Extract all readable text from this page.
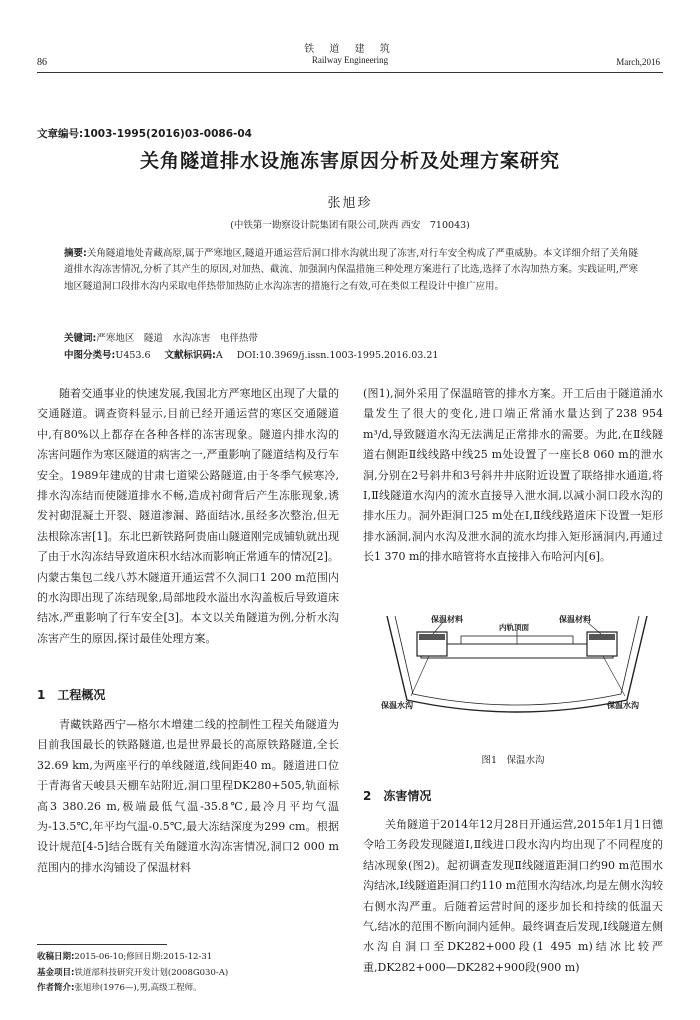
铁 道 建 筑
Railway Engineering
86	March,2016
文章编号:1003-1995(2016)03-0086-04
关角隧道排水设施冻害原因分析及处理方案研究
张旭珍
(中铁第一勘察设计院集团有限公司,陕西 西安　710043)
摘要:关角隧道地处青藏高原,属于严寒地区,隧道开通运营后洞口排水沟就出现了冻害,对行车安全构成了严重威胁。本文详细介绍了关角隧道排水沟冻害情况,分析了其产生的原因,对加热、截流、加强洞内保温措施三种处理方案进行了比选,选择了水沟加热方案。实践证明,严寒地区隧道洞口段排水沟内采取电伴热带加热防止水沟冻害的措施行之有效,可在类似工程设计中推广应用。
关键词:严寒地区　隧道　水沟冻害　电伴热带
中图分类号:U453.6 文献标识码:A DOI:10.3969/j.issn.1003-1995.2016.03.21

随着交通事业的快速发展,我国北方严寒地区出现了大量的交通隧道。调查资料显示,目前已经开通运营的寒区交通隧道中,有80%以上都存在各种各样的冻害现象。隧道内排水沟的冻害问题作为寒区隧道的病害之一,严重影响了隧道结构及行车安全。1989年建成的甘肃七道梁公路隧道,由于冬季气候寒冷,排水沟冻结而使隧道排水不畅,造成衬砌背后产生冻胀现象,诱发衬砌混凝土开裂、隧道渗漏、路面结冰,虽经多次整治,但无法根除冻害[1]。东北巴新铁路阿贵庙山隧道刚完成铺轨就出现了由于水沟冻结导致道床积水结冰而影响正常通车的情况[2]。内蒙古集包二线八苏木隧道开通运营不久洞口1 200 m范围内的水沟即出现了冻结现象,局部地段水溢出水沟盖板后导致道床结冰,严重影响了行车安全[3]。本文以关角隧道为例,分析水沟冻害产生的原因,探讨最佳处理方案。

1　工程概况

青藏铁路西宁—格尔木增建二线的控制性工程关角隧道为目前我国最长的铁路隧道,也是世界最长的高原铁路隧道,全长32.69 km,为两座平行的单线隧道,线间距40 m。隧道进口位于青海省天峻县天棚车站附近,洞口里程DK280+505,轨面标高3 380.26 m,极端最低气温-35.8℃,最冷月平均气温为-13.5℃,年平均气温-0.5℃,最大冻结深度为299 cm。根据设计规范[4-5]结合既有关角隧道水沟冻害情况,洞口2 000 m范围内的排水沟铺设了保温材料

(图1),洞外采用了保温暗管的排水方案。开工后由于隧道涌水量发生了很大的变化,进口端正常涌水量达到了238 954 m³/d,导致隧道水沟无法满足正常排水的需要。为此,在Ⅱ线隧道右侧距Ⅱ线线路中线25 m处设置了一座长8 060 m的泄水洞,分别在2号斜井和3号斜井井底附近设置了联络排水通道,将Ⅰ,Ⅱ线隧道水沟内的流水直接导入泄水洞,以减小洞口段水沟的排水压力。洞外距洞口25 m处在Ⅰ,Ⅱ线线路道床下设置一矩形排水涵洞,洞内水沟及泄水洞的流水均排入矩形涵洞内,再通过长1 370 m的排水暗管将水直接排入布哈河内[6]。

保温材料	保温材料
内轨顶面
保温水沟	保温水沟
图1　保温水沟
2　冻害情况

关角隧道于2014年12月28日开通运营,2015年1月1日德令哈工务段发现隧道Ⅰ,Ⅱ线进口段水沟内均出现了不同程度的结冰现象(图2)。起初调查发现Ⅱ线隧道距洞口约90 m范围水沟结冰,Ⅰ线隧道距洞口约110 m范围水沟结冰,均是左侧水沟较右侧水沟严重。后随着运营时间的逐步加长和持续的低温天气,结冰的范围不断向洞内延伸。最终调查后发现,Ⅰ线隧道左侧水沟自洞口至DK282+000段(1 495 m)结冰比较严重,DK282+000—DK282+900段(900 m)

收稿日期:2015-06-10;修回日期:2015-12-31
基金项目:铁道部科技研究开发计划(2008G030-A)
作者简介:张旭珍(1976—),男,高级工程师。
